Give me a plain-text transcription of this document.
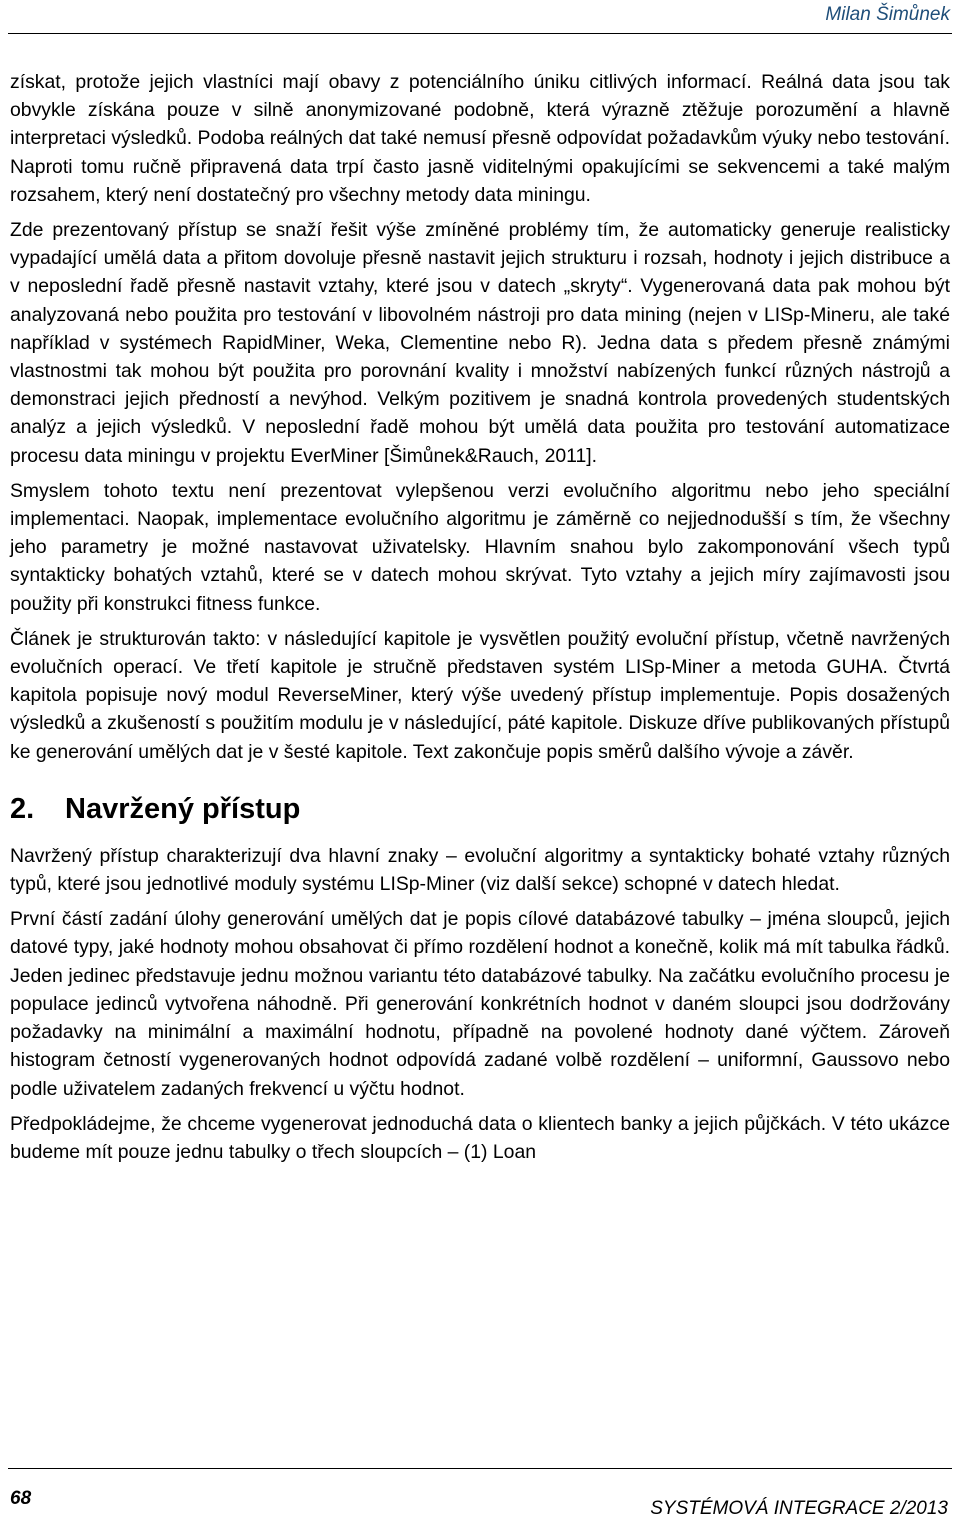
Milan Šimůnek

získat, protože jejich vlastníci mají obavy z potenciálního úniku citlivých informací. Reálná data jsou tak obvykle získána pouze v silně anonymizované podobně, která výrazně ztěžuje porozumění a hlavně interpretaci výsledků. Podoba reálných dat také nemusí přesně odpovídat požadavkům výuky nebo testování. Naproti tomu ručně připravená data trpí často jasně viditelnými opakujícími se sekvencemi a také malým rozsahem, který není dostatečný pro všechny metody data miningu.

Zde prezentovaný přístup se snaží řešit výše zmíněné problémy tím, že automaticky generuje realisticky vypadající umělá data a přitom dovoluje přesně nastavit jejich strukturu i rozsah, hodnoty i jejich distribuce a v neposlední řadě přesně nastavit vztahy, které jsou v datech „skryty“. Vygenerovaná data pak mohou být analyzovaná nebo použita pro testování v libovolném nástroji pro data mining (nejen v LISp-Mineru, ale také například v systémech RapidMiner, Weka, Clementine nebo R). Jedna data s předem přesně známými vlastnostmi tak mohou být použita pro porovnání kvality i množství nabízených funkcí různých nástrojů a demonstraci jejich předností a nevýhod. Velkým pozitivem je snadná kontrola provedených studentských analýz a jejich výsledků. V neposlední řadě mohou být umělá data použita pro testování automatizace procesu data miningu v projektu EverMiner [Šimůnek&Rauch, 2011].

Smyslem tohoto textu není prezentovat vylepšenou verzi evolučního algoritmu nebo jeho speciální implementaci. Naopak, implementace evolučního algoritmu je záměrně co nejjednodušší s tím, že všechny jeho parametry je možné nastavovat uživatelsky. Hlavním snahou bylo zakomponování všech typů syntakticky bohatých vztahů, které se v datech mohou skrývat. Tyto vztahy a jejich míry zajímavosti jsou použity při konstrukci fitness funkce.

Článek je strukturován takto: v následující kapitole je vysvětlen použitý evoluční přístup, včetně navržených evolučních operací. Ve třetí kapitole je stručně představen systém LISp-Miner a metoda GUHA. Čtvrtá kapitola popisuje nový modul ReverseMiner, který výše uvedený přístup implementuje. Popis dosažených výsledků a zkušeností s použitím modulu je v následující, páté kapitole. Diskuze dříve publikovaných přístupů ke generování umělých dat je v šesté kapitole. Text zakončuje popis směrů dalšího vývoje a závěr.

2. Navržený přístup

Navržený přístup charakterizují dva hlavní znaky – evoluční algoritmy a syntakticky bohaté vztahy různých typů, které jsou jednotlivé moduly systému LISp-Miner (viz další sekce) schopné v datech hledat.

První částí zadání úlohy generování umělých dat je popis cílové databázové tabulky – jména sloupců, jejich datové typy, jaké hodnoty mohou obsahovat či přímo rozdělení hodnot a konečně, kolik má mít tabulka řádků. Jeden jedinec představuje jednu možnou variantu této databázové tabulky. Na začátku evolučního procesu je populace jedinců vytvořena náhodně. Při generování konkrétních hodnot v daném sloupci jsou dodržovány požadavky na minimální a maximální hodnotu, případně na povolené hodnoty dané výčtem. Zároveň histogram četností vygenerovaných hodnot odpovídá zadané volbě rozdělení – uniformní, Gaussovo nebo podle uživatelem zadaných frekvencí u výčtu hodnot.

Předpokládejme, že chceme vygenerovat jednoduchá data o klientech banky a jejich půjčkách. V této ukázce budeme mít pouze jednu tabulky o třech sloupcích – (1) Loan

68	SYSTÉMOVÁ INTEGRACE 2/2013
